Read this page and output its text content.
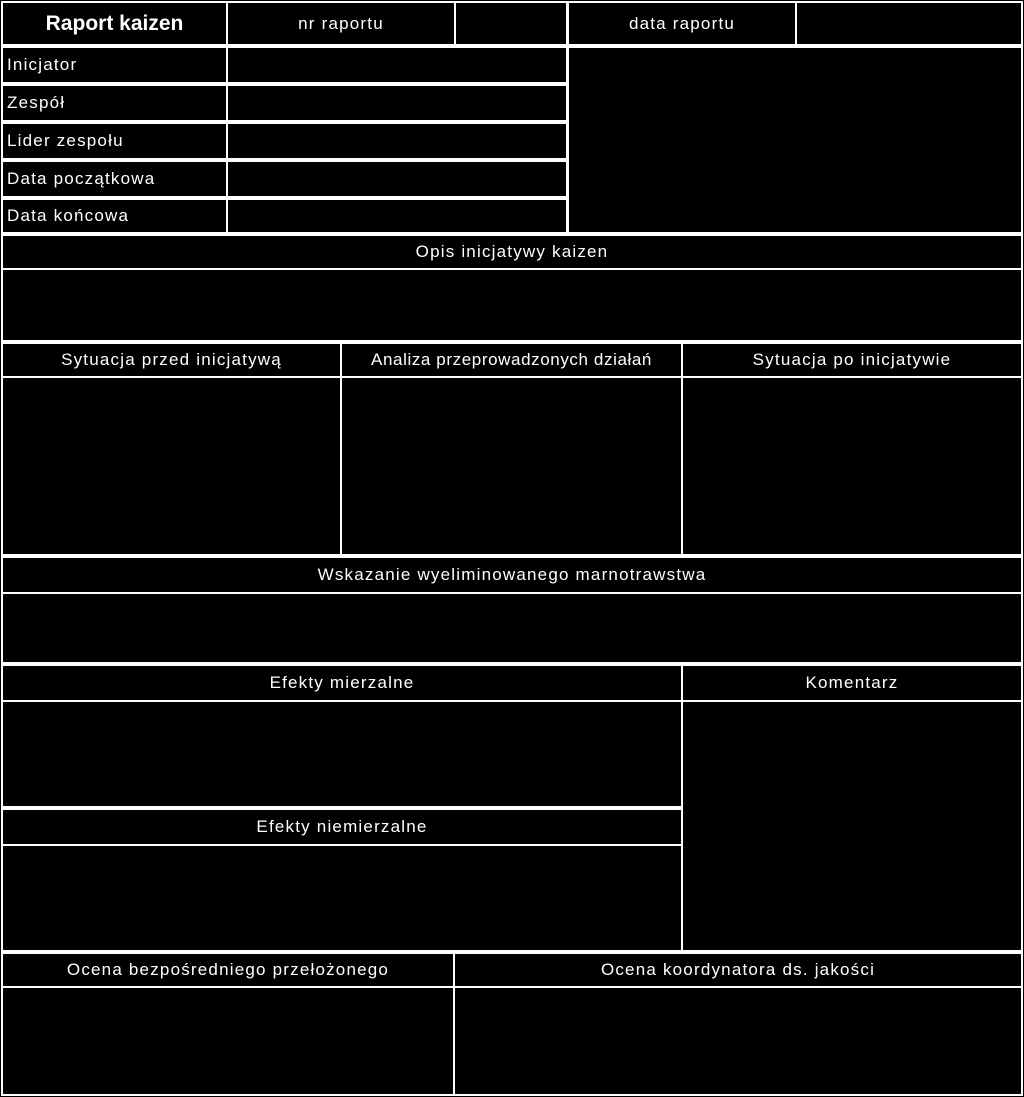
Raport kaizen	nr raportu	data raportu
Inicjator
Zespół
Lider zespołu
Data początkowa
Data końcowa
Opis inicjatywy kaizen
Sytuacja przed inicjatywą	Analiza przeprowadzonych działań	Sytuacja po inicjatywie
Wskazanie wyeliminowanego marnotrawstwa
Efekty mierzalne
Efekty niemierzalne
Komentarz
Ocena bezpośredniego przełożonego	Ocena koordynatora ds. jakości
